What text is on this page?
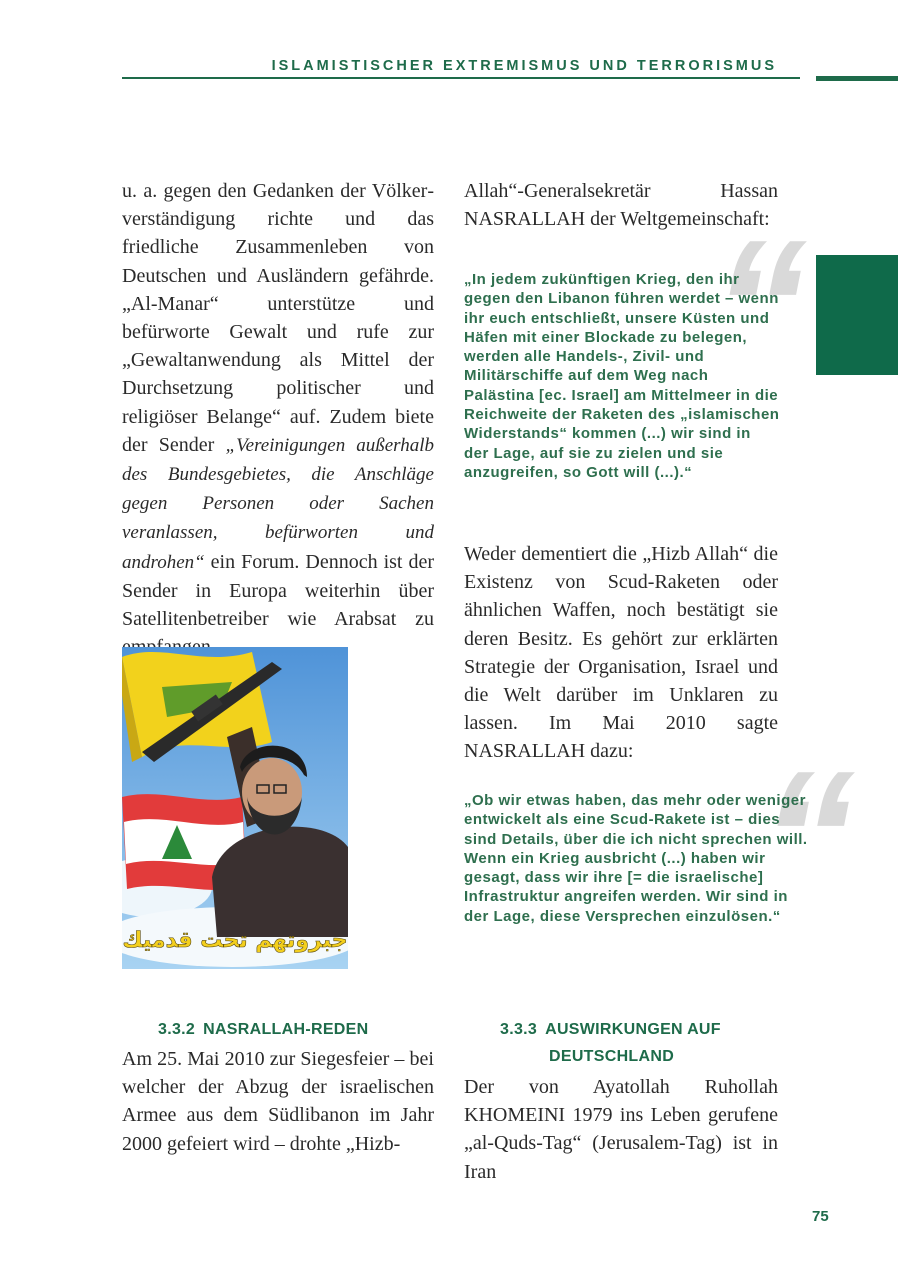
ISLAMISTISCHER EXTREMISMUS UND TERRORISMUS

u. a. gegen den Gedanken der Völkerverständigung richte und das friedliche Zusammenleben von Deutschen und Ausländern gefährde. „Al-Manar“ unterstütze und befürworte Gewalt und rufe zur „Gewaltanwendung als Mittel der Durchsetzung politischer und religiöser Belange“ auf. Zudem biete der Sender „Vereinigungen außerhalb des Bundesgebietes, die Anschläge gegen Personen oder Sachen veranlassen, befürworten und androhen“ ein Forum. Dennoch ist der Sender in Europa weiterhin über Satellitenbetreiber wie Arabsat zu

جبروتهم تحت قدميك

Allah“-Generalsekretär Hassan NASRALLAH der Weltgemeinschaft:

“

„In jedem zukünftigen Krieg, den ihr gegen den Libanon führen werdet – wenn ihr euch entschließt, unsere Küsten und Häfen mit einer Blockade zu belegen, werden alle Handels-, Zivil- und Militärschiffe auf dem Weg nach Palästina [ec. Israel] am Mittelmeer in die Reichweite der Raketen des „islamischen Widerstands“ kommen (...) wir sind in der Lage, auf sie zu zielen und sie anzugreifen, so Gott will (...).“

Weder dementiert die „Hizb Allah“ die Existenz von Scud-Raketen oder ähnlichen Waffen, noch bestätigt sie deren Besitz. Es gehört zur erklärten Strategie der Organisation, Israel und die Welt darüber im Unklaren zu lassen. Im Mai 2010 sagte NASRALLAH dazu: “

„Ob wir etwas haben, das mehr oder weniger entwickelt als eine Scud-Rakete ist – dies sind Details, über die ich nicht sprechen will. Wenn ein Krieg ausbricht (...) haben wir gesagt, dass wir ihre [= die israelische] Infrastruktur angreifen werden. Wir sind in der Lage, diese Versprechen einzulösen.“

3.3.2 NASRALLAH-REDEN

Am 25. Mai 2010 zur Siegesfeier – bei welcher der Abzug der israelischen Armee aus dem Südlibanon im Jahr 2000 gefeiert wird – drohte „Hizb-

3.3.3 AUSWIRKUNGEN AUF
DEUTSCHLAND

Der von Ayatollah Ruhollah KHOMEINI 1979 ins Leben gerufene „al-Quds-Tag“ (Jerusalem-Tag) ist in Iran

75
